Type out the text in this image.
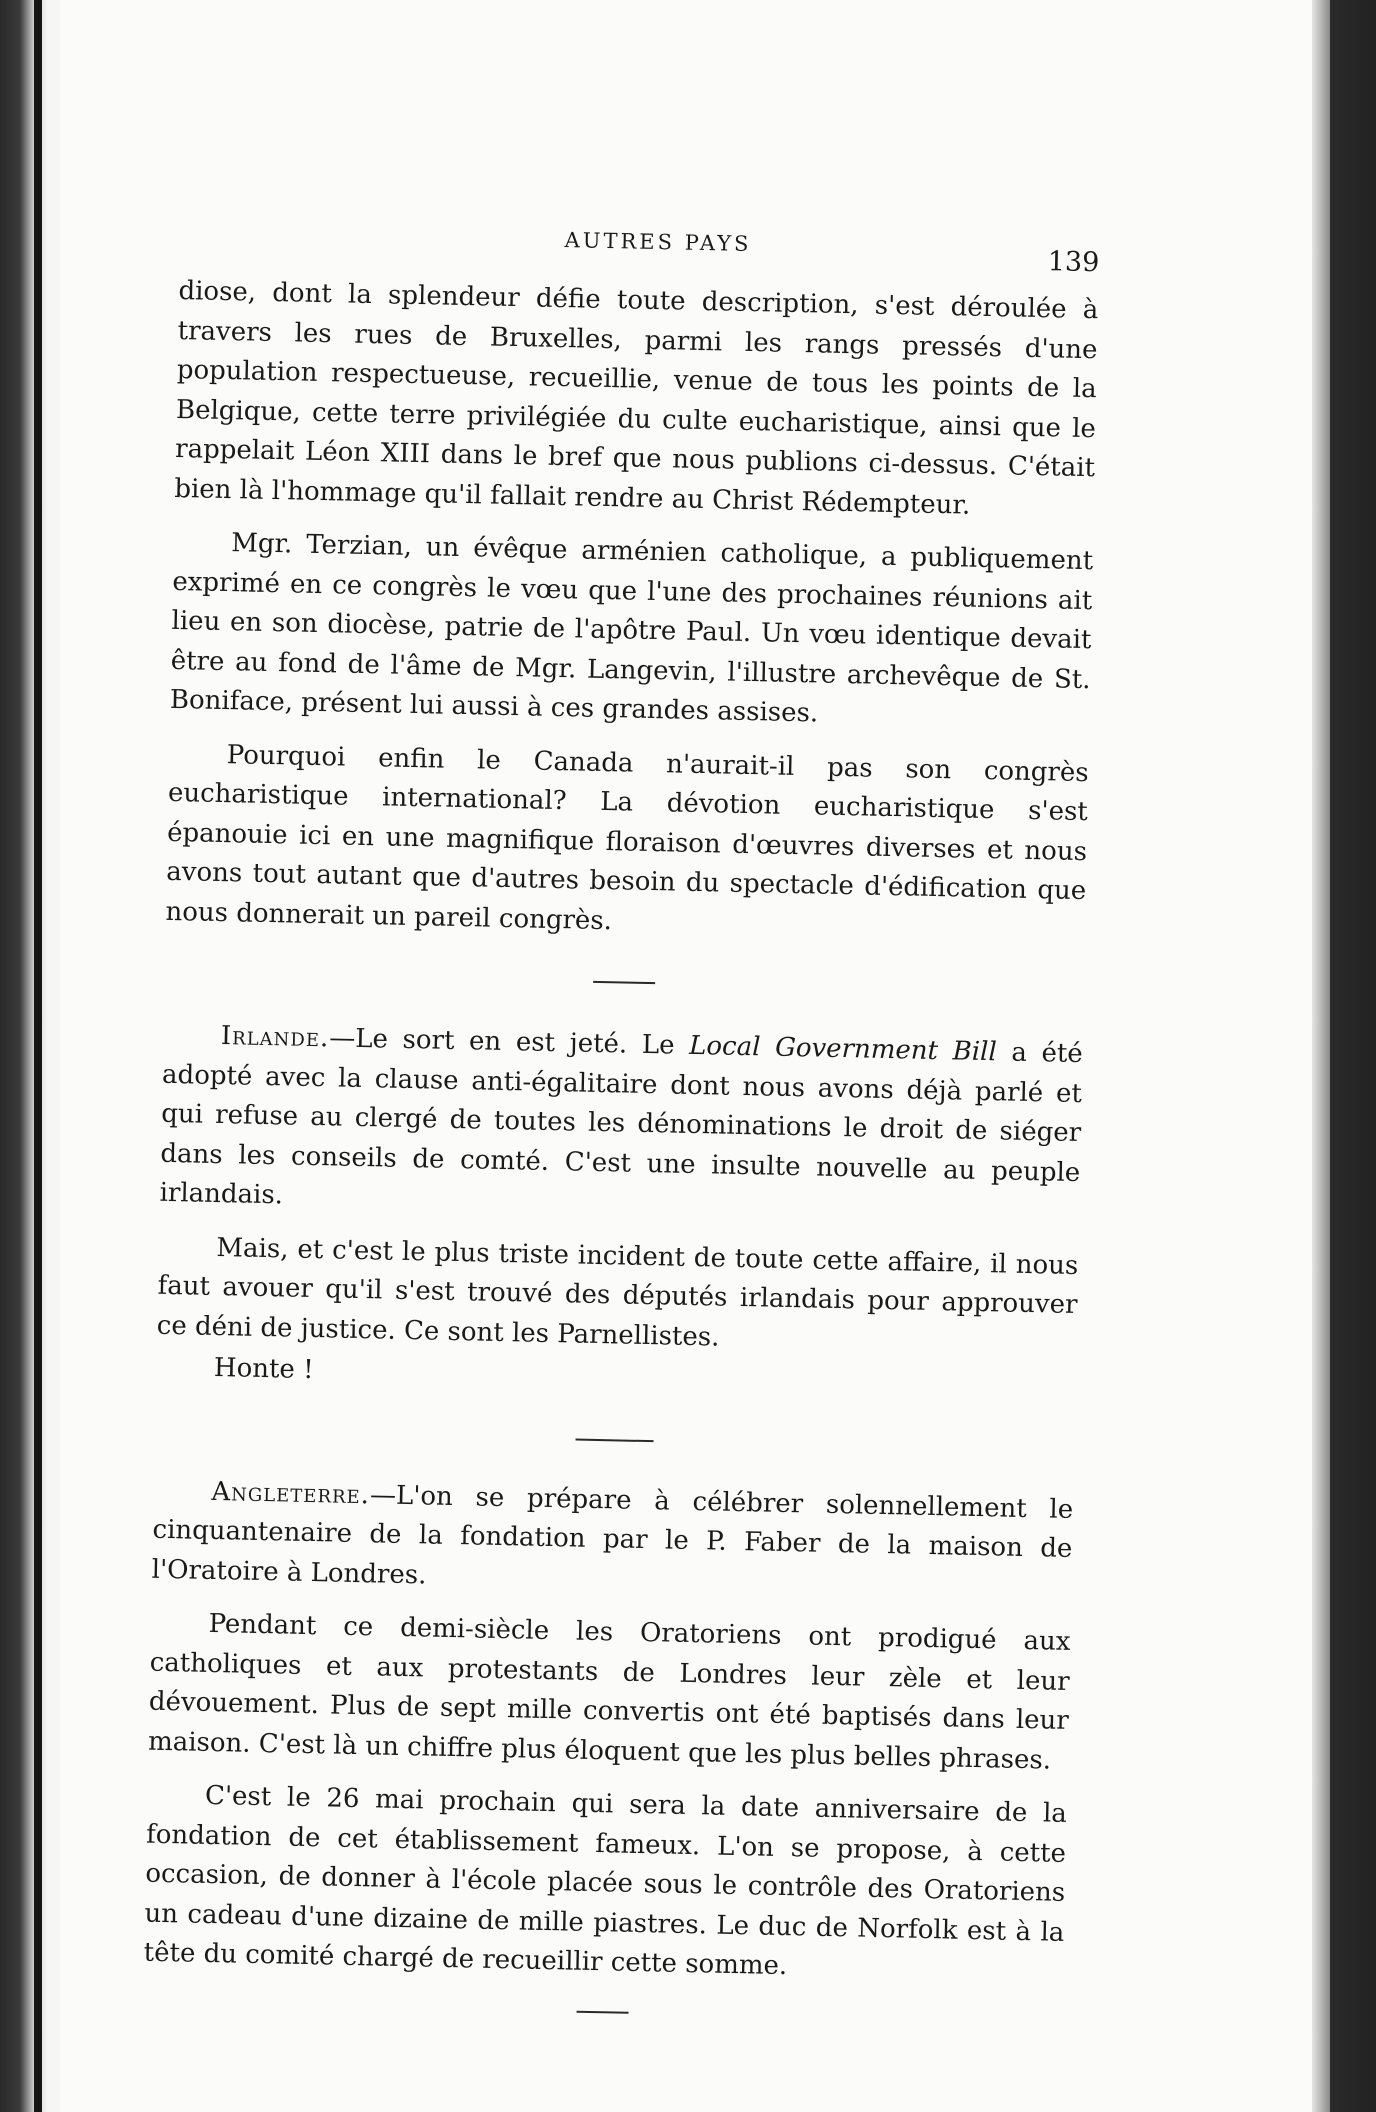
AUTRES PAYS
139

diose, dont la splendeur défie toute description, s'est déroulée à travers les rues de Bruxelles, parmi les rangs pressés d'une population respectueuse, recueillie, venue de tous les points de la Belgique, cette terre privilégiée du culte eucharistique, ainsi que le rappelait Léon XIII dans le bref que nous publions ci-dessus. C'était bien là l'hommage qu'il fallait rendre au Christ Rédempteur.

Mgr. Terzian, un évêque arménien catholique, a publiquement exprimé en ce congrès le vœu que l'une des prochaines réunions ait lieu en son diocèse, patrie de l'apôtre Paul. Un vœu identique devait être au fond de l'âme de Mgr. Langevin, l'illustre archevêque de St. Boniface, présent lui aussi à ces grandes assises.

Pourquoi enfin le Canada n'aurait-il pas son congrès eucharistique international? La dévotion eucharistique s'est épanouie ici en une magnifique floraison d'œuvres diverses et nous avons tout autant que d'autres besoin du spectacle d'édification que nous donnerait un pareil congrès.

Irlande.—Le sort en est jeté. Le Local Government Bill a été adopté avec la clause anti-égalitaire dont nous avons déjà parlé et qui refuse au clergé de toutes les dénominations le droit de siéger dans les conseils de comté. C'est une insulte nouvelle au peuple irlandais.

Mais, et c'est le plus triste incident de toute cette affaire, il nous faut avouer qu'il s'est trouvé des députés irlandais pour approuver ce déni de justice. Ce sont les Parnellistes.

Honte !

Angleterre.—L'on se prépare à célébrer solennellement le cinquantenaire de la fondation par le P. Faber de la maison de l'Oratoire à Londres.

Pendant ce demi-siècle les Oratoriens ont prodigué aux catholiques et aux protestants de Londres leur zèle et leur dévouement. Plus de sept mille convertis ont été baptisés dans leur maison. C'est là un chiffre plus éloquent que les plus belles phrases.

C'est le 26 mai prochain qui sera la date anniversaire de la fondation de cet établissement fameux. L'on se propose, à cette occasion, de donner à l'école placée sous le contrôle des Oratoriens un cadeau d'une dizaine de mille piastres. Le duc de Norfolk est à la tête du comité chargé de recueillir cette somme.
